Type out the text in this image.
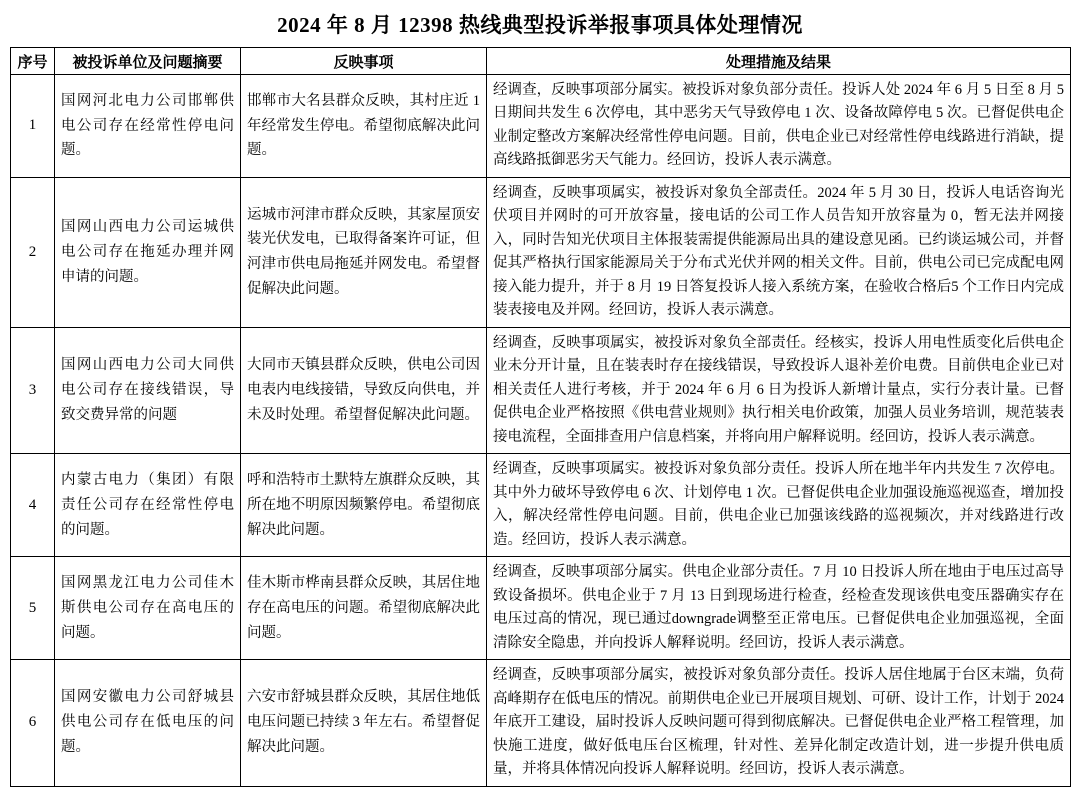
2024 年 8 月 12398 热线典型投诉举报事项具体处理情况
序号	被投诉单位及问题摘要	反映事项	处理措施及结果
1	国网河北电力公司邯郸供电公司存在经常性停电问题。	邯郸市大名县群众反映，其村庄近 1 年经常发生停电。希望彻底解决此问题。	经调查，反映事项部分属实。被投诉对象负部分责任。投诉人处 2024 年 6 月 5 日至 8 月 5 日期间共发生 6 次停电，其中恶劣天气导致停电 1 次、设备故障停电 5 次。已督促供电企业制定整改方案解决经常性停电问题。目前，供电企业已对经常性停电线路进行消缺，提高线路抵御恶劣天气能力。经回访，投诉人表示满意。
2	国网山西电力公司运城供电公司存在拖延办理并网申请的问题。	运城市河津市群众反映，其家屋顶安装光伏发电，已取得备案许可证，但河津市供电局拖延并网发电。希望督促解决此问题。	经调查，反映事项属实，被投诉对象负全部责任。2024 年 5 月 30 日，投诉人电话咨询光伏项目并网时的可开放容量，接电话的公司工作人员告知开放容量为 0，暂无法并网接入，同时告知光伏项目主体报装需提供能源局出具的建设意见函。已约谈运城公司，并督促其严格执行国家能源局关于分布式光伏并网的相关文件。目前，供电公司已完成配电网接入能力提升，并于 8 月 19 日答复投诉人接入系统方案，在验收合格后5 个工作日内完成装表接电及并网。经回访，投诉人表示满意。
3	国网山西电力公司大同供电公司存在接线错误，导致交费异常的问题	大同市天镇县群众反映，供电公司因电表内电线接错，导致反向供电，并未及时处理。希望督促解决此问题。	经调查，反映事项属实，被投诉对象负全部责任。经核实，投诉人用电性质变化后供电企业未分开计量，且在装表时存在接线错误，导致投诉人退补差价电费。目前供电企业已对相关责任人进行考核，并于 2024 年 6 月 6 日为投诉人新增计量点，实行分表计量。已督促供电企业严格按照《供电营业规则》执行相关电价政策，加强人员业务培训，规范装表接电流程，全面排查用户信息档案，并将向用户解释说明。经回访，投诉人表示满意。
4	内蒙古电力（集团）有限责任公司存在经常性停电的问题。	呼和浩特市土默特左旗群众反映，其所在地不明原因频繁停电。希望彻底解决此问题。	经调查，反映事项属实。被投诉对象负部分责任。投诉人所在地半年内共发生 7 次停电。其中外力破坏导致停电 6 次、计划停电 1 次。已督促供电企业加强设施巡视巡查，增加投入，解决经常性停电问题。目前，供电企业已加强该线路的巡视频次，并对线路进行改造。经回访，投诉人表示满意。
5	国网黑龙江电力公司佳木斯供电公司存在高电压的问题。	佳木斯市桦南县群众反映，其居住地存在高电压的问题。希望彻底解决此问题。	经调查，反映事项部分属实。供电企业部分责任。7 月 10 日投诉人所在地由于电压过高导致设备损坏。供电企业于 7 月 13 日到现场进行检查，经检查发现该供电变压器确实存在电压过高的情况，现已通过downgrade调整至正常电压。已督促供电企业加强巡视，全面清除安全隐患，并向投诉人解释说明。经回访，投诉人表示满意。
6	国网安徽电力公司舒城县供电公司存在低电压的问题。	六安市舒城县群众反映，其居住地低电压问题已持续 3 年左右。希望督促解决此问题。	经调查，反映事项部分属实，被投诉对象负部分责任。投诉人居住地属于台区末端，负荷高峰期存在低电压的情况。前期供电企业已开展项目规划、可研、设计工作，计划于 2024 年底开工建设，届时投诉人反映问题可得到彻底解决。已督促供电企业严格工程管理，加快施工进度，做好低电压台区梳理，针对性、差异化制定改造计划，进一步提升供电质量，并将具体情况向投诉人解释说明。经回访，投诉人表示满意。
